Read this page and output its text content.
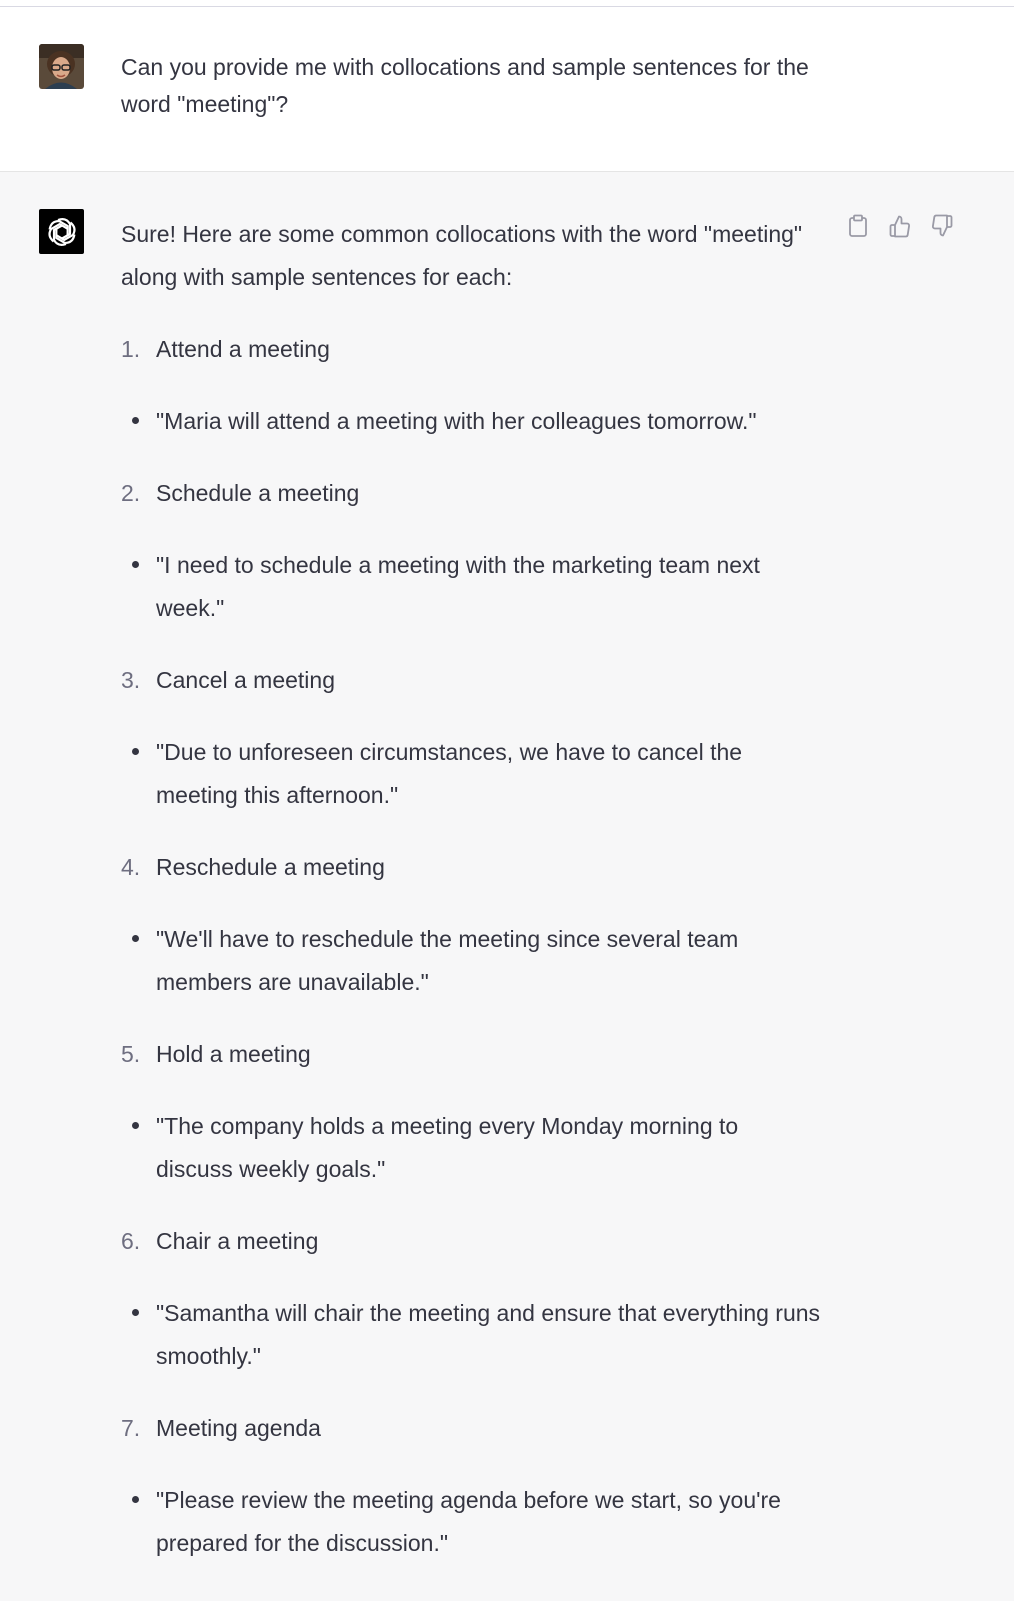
Can you provide me with collocations and sample sentences for the word "meeting"?
Sure! Here are some common collocations with the word "meeting" along with sample sentences for each:
1. Attend a meeting
"Maria will attend a meeting with her colleagues tomorrow."
2. Schedule a meeting
"I need to schedule a meeting with the marketing team next week."
3. Cancel a meeting
"Due to unforeseen circumstances, we have to cancel the meeting this afternoon."
4. Reschedule a meeting
"We'll have to reschedule the meeting since several team members are unavailable."
5. Hold a meeting
"The company holds a meeting every Monday morning to discuss weekly goals."
6. Chair a meeting
"Samantha will chair the meeting and ensure that everything runs smoothly."
7. Meeting agenda
"Please review the meeting agenda before we start, so you're prepared for the discussion."
